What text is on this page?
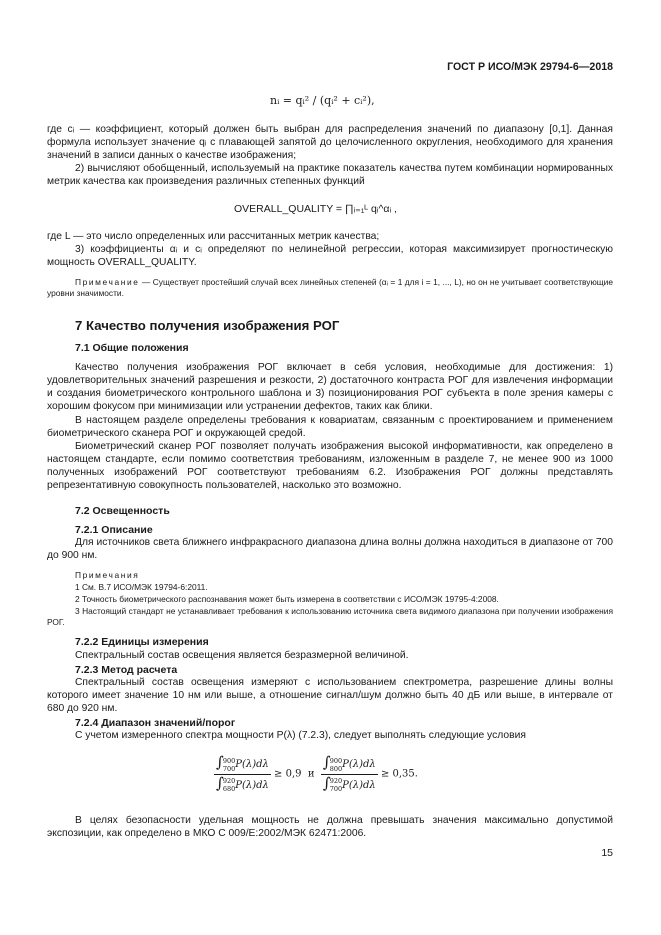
ГОСТ Р ИСО/МЭК 29794-6—2018
nᵢ = qᵢ² / (qᵢ² + cᵢ²),

где cᵢ — коэффициент, который должен быть выбран для распределения значений по диапазону [0,1]. Данная формула использует значение qᵢ с плавающей запятой до целочисленного округления, необходимого для хранения значений в записи данных о качестве изображения;

2) вычисляют обобщенный, используемый на практике показатель качества путем комбинации нормированных метрик качества как произведения различных степенных функций

OVERALL_QUALITY = ∏ᵢ₌₁ᴸ qᵢ^αᵢ ,

где L — это число определенных или рассчитанных метрик качества;

3) коэффициенты αᵢ и cᵢ определяют по нелинейной регрессии, которая максимизирует прогностическую мощность OVERALL_QUALITY.

Примечание — Существует простейший случай всех линейных степеней (αᵢ = 1 для i = 1, ..., L), но он не учитывает соответствующие уровни значимости.

7 Качество получения изображения РОГ
7.1 Общие положения

Качество получения изображения РОГ включает в себя условия, необходимые для достижения: 1) удовлетворительных значений разрешения и резкости, 2) достаточного контраста РОГ для извлечения информации и создания биометрического контрольного шаблона и 3) позиционирования РОГ субъекта в поле зрения камеры с хорошим фокусом при минимизации или устранении дефектов, таких как блики.

В настоящем разделе определены требования к ковариатам, связанным с проектированием и применением биометрического сканера РОГ и окружающей средой.

Биометрический сканер РОГ позволяет получать изображения высокой информативности, как определено в настоящем стандарте, если помимо соответствия требованиям, изложенным в разделе 7, не менее 900 из 1000 полученных изображений РОГ соответствуют требованиям 6.2. Изображения РОГ должны представлять репрезентативную совокупность пользователей, насколько это возможно.

7.2 Освещенность
7.2.1 Описание

Для источников света ближнего инфракрасного диапазона длина волны должна находиться в диапазоне от 700 до 900 нм.

Примечания

1 См. В.7 ИСО/МЭК 19794-6:2011.

2 Точность биометрического распознавания может быть измерена в соответствии с ИСО/МЭК 19795-4:2008.

3 Настоящий стандарт не устанавливает требования к использованию источника света видимого диапазона при получении изображения РОГ.

7.2.2 Единицы измерения

Спектральный состав освещения является безразмерной величиной.

7.2.3 Метод расчета

Спектральный состав освещения измеряют с использованием спектрометра, разрешение длины волны которого имеет значение 10 нм или выше, а отношение сигнал/шум должно быть 40 дБ или выше, в интервале от 680 до 920 нм.

7.2.4 Диапазон значений/порог

С учетом измеренного спектра мощности P(λ) (7.2.3), следует выполнять следующие условия

∫ 900
700 P(λ)dλ
∫ 920
680 P(λ)dλ ≥ 0,9 и ∫ 900
800 P(λ)dλ
∫ 920
700 P(λ)dλ ≥ 0,35.

В целях безопасности удельная мощность не должна превышать значения максимально допустимой экспозиции, как определено в МКО С 009/E:2002/МЭК 62471:2006.

15
